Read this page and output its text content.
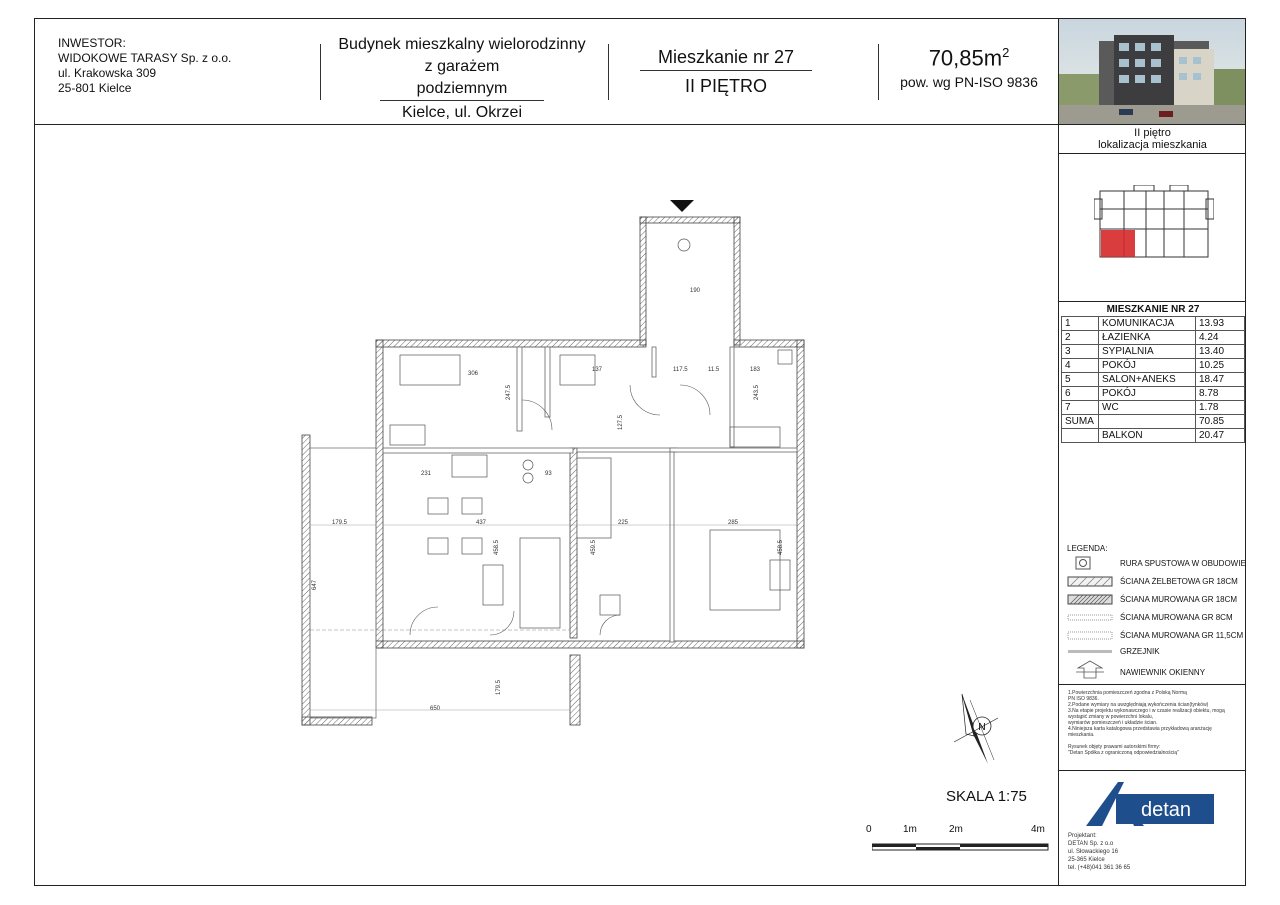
INWESTOR:
WIDOKOWE TARASY Sp. z o.o.
ul. Krakowska 309
25-801 Kielce
Budynek mieszkalny wielorodzinny
z garażem podziemnym
Kielce, ul. Okrzei
Mieszkanie nr 27
II PIĘTRO
$70,85m^2$
pow. wg PN-ISO 9836
II piętro
lokalizacja mieszkania
MIESZKANIE NR 27
1	KOMUNIKACJA	13.93
2	ŁAZIENKA	4.24
3	SYPIALNIA	13.40
4	POKÓJ	10.25
5	SALON+ANEKS	18.47
6	POKÓJ	8.78
7	WC	1.78
SUMA		70.85
	BALKON	20.47
LEGENDA:
RURA SPUSTOWA W OBUDOWIE
ŚCIANA ŻELBETOWA GR 18CM
ŚCIANA MUROWANA GR 18CM
ŚCIANA MUROWANA GR 8CM
ŚCIANA MUROWANA GR 11,5CM
GRZEJNIK
NAWIEWNIK OKIENNY
1.Powierzchnia pomieszczeń zgodna z Polską Normą
PN ISO 9836.
2.Podane wymiary na uwzględniają wykończenia ścian(tynków)
3.Na etapie projektu wykonawczego i w czasie realizacji obiektu, mogą
wystąpić zmiany w powierzchni lokalu,
wymiarów pomieszczeń i układzie ścian.
4.Niniejsza karta katalogowa przedstawia przykładową aranżację
mieszkania.
Rysunek objęty prawami autorskimi firmy:
"Detan Spółka z ograniczoną odpowiedzialnością"
detan
Projektant:
DETAN Sp. z o.o
ul. Słowackiego 16
25-365 Kielce
tel. (+48)041 361 36 65
N
SKALA 1:75
0	1m	2m	4m
190
306
247.5
137	117.5	11.5	183
243.5
127.5
93
231
179.5	437	225	285
458.5	459.5	458.5
647
650
179.5
